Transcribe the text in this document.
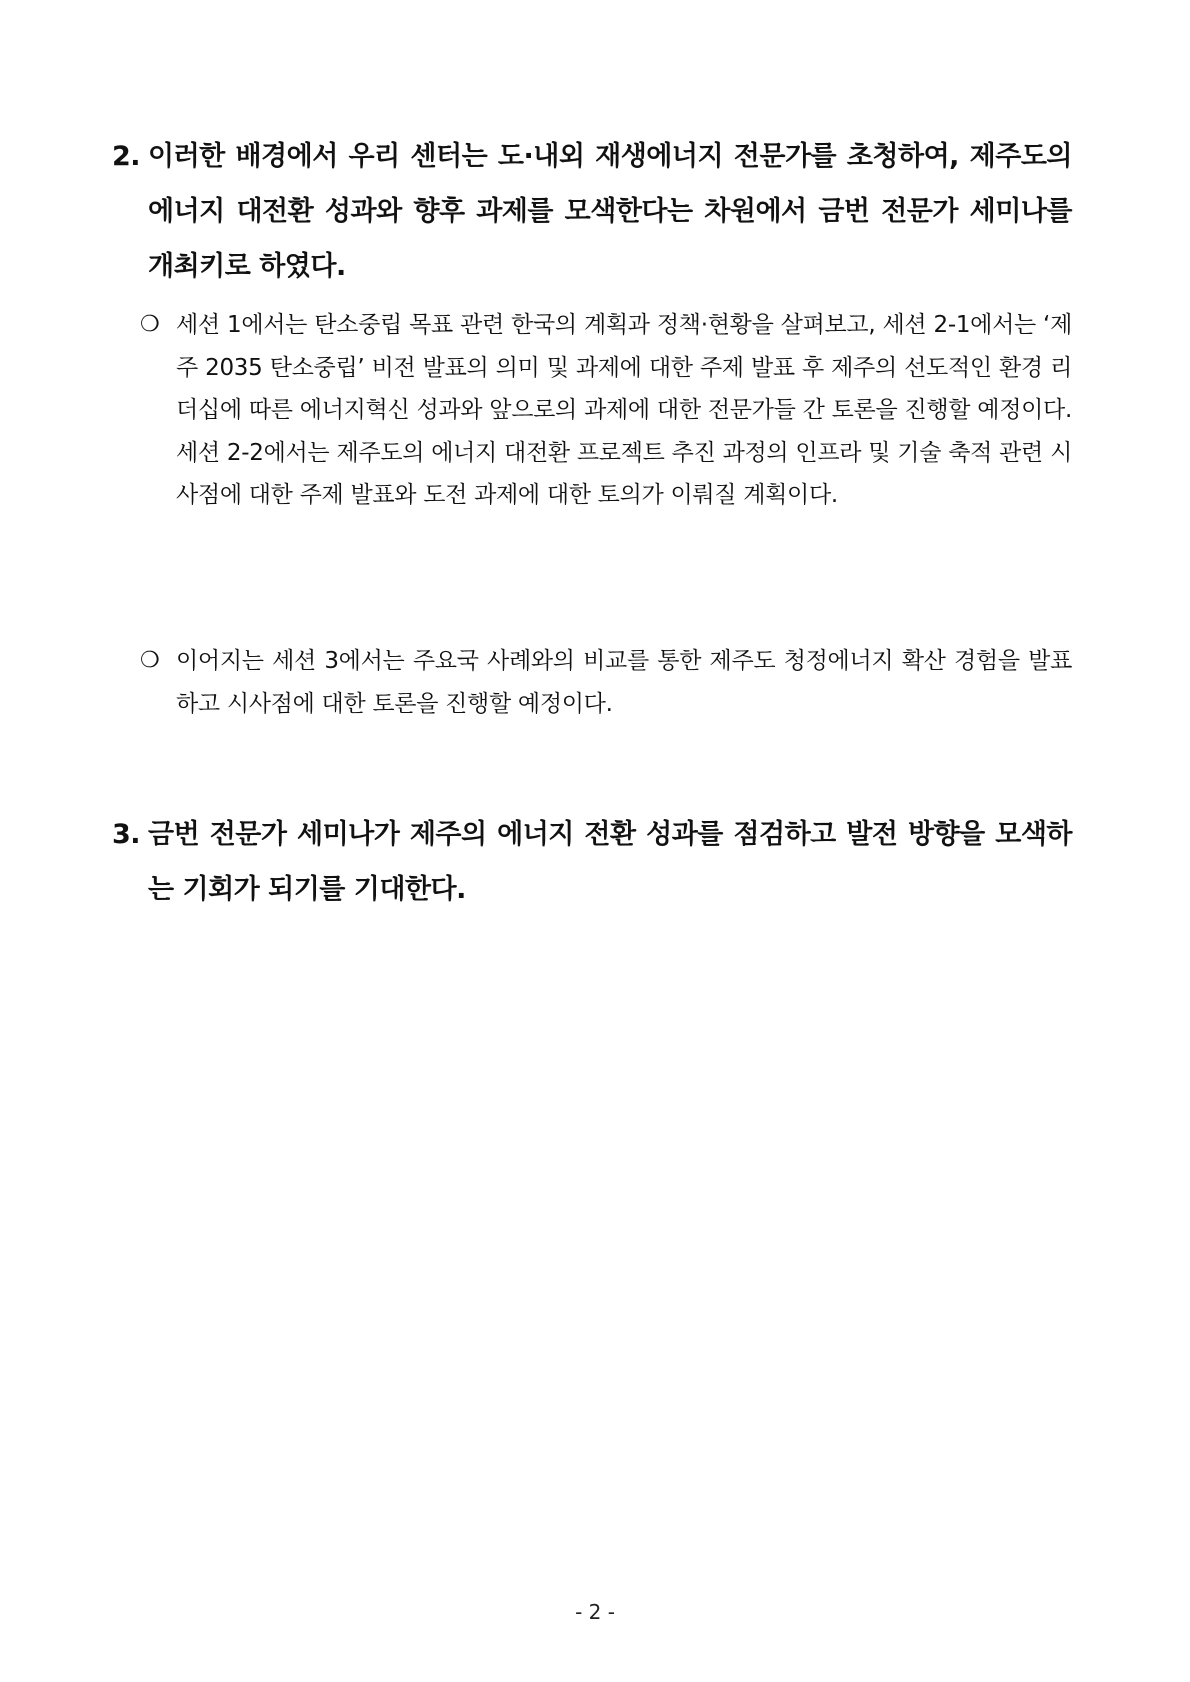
2. 이러한 배경에서 우리 센터는 도·내외 재생에너지 전문가를 초청하여, 제주도의 에너지 대전환 성과와 향후 과제를 모색한다는 차원에서 금번 전문가 세미나를 개최키로 하였다.
❍ 세션 1에서는 탄소중립 목표 관련 한국의 계획과 정책·현황을 살펴보고, 세션 2-1에서는 ‘제주 2035 탄소중립’ 비전 발표의 의미 및 과제에 대한 주제 발표 후 제주의 선도적인 환경 리더십에 따른 에너지혁신 성과와 앞으로의 과제에 대한 전문가들 간 토론을 진행할 예정이다. 세션 2-2에서는 제주도의 에너지 대전환 프로젝트 추진 과정의 인프라 및 기술 축적 관련 시사점에 대한 주제 발표와 도전 과제에 대한 토의가 이뤄질 계획이다.
❍ 이어지는 세션 3에서는 주요국 사례와의 비교를 통한 제주도 청정에너지 확산 경험을 발표하고 시사점에 대한 토론을 진행할 예정이다.
3. 금번 전문가 세미나가 제주의 에너지 전환 성과를 점검하고 발전 방향을 모색하는 기회가 되기를 기대한다.
- 2 -
